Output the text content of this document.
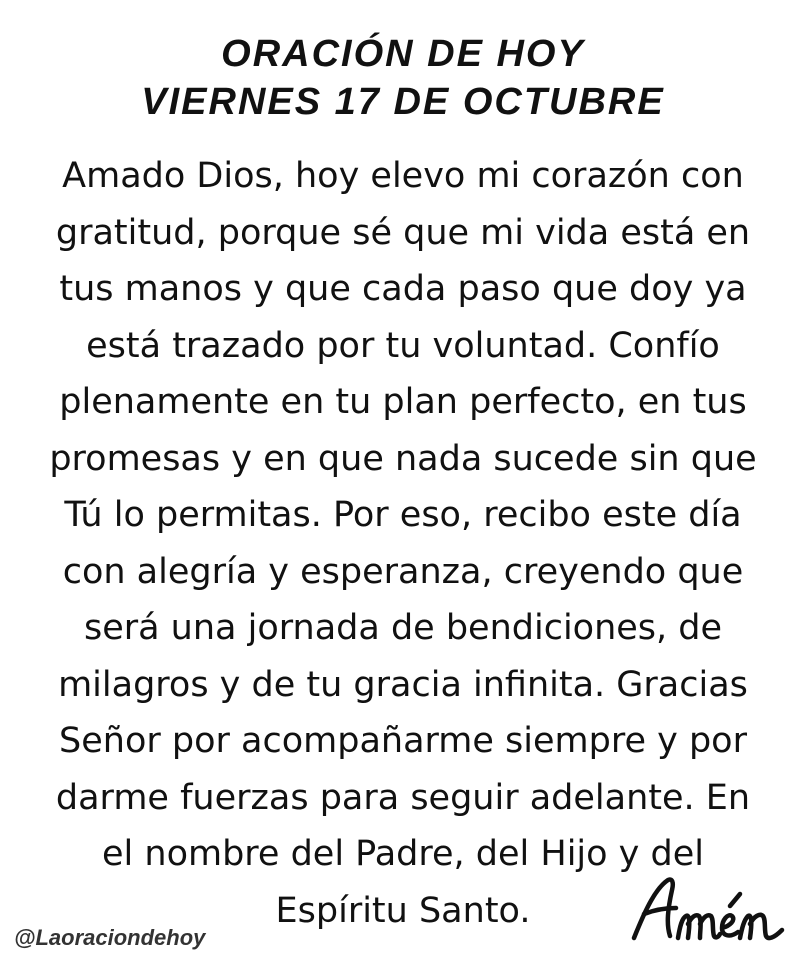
ORACIÓN DE HOY
VIERNES 17 DE OCTUBRE
Amado Dios, hoy elevo mi corazón con
gratitud, porque sé que mi vida está en
tus manos y que cada paso que doy ya
está trazado por tu voluntad. Confío
plenamente en tu plan perfecto, en tus
promesas y en que nada sucede sin que
Tú lo permitas. Por eso, recibo este día
con alegría y esperanza, creyendo que
será una jornada de bendiciones, de
milagros y de tu gracia infinita. Gracias
Señor por acompañarme siempre y por
darme fuerzas para seguir adelante. En
el nombre del Padre, del Hijo y del
Espíritu Santo.
@Laoraciondehoy
